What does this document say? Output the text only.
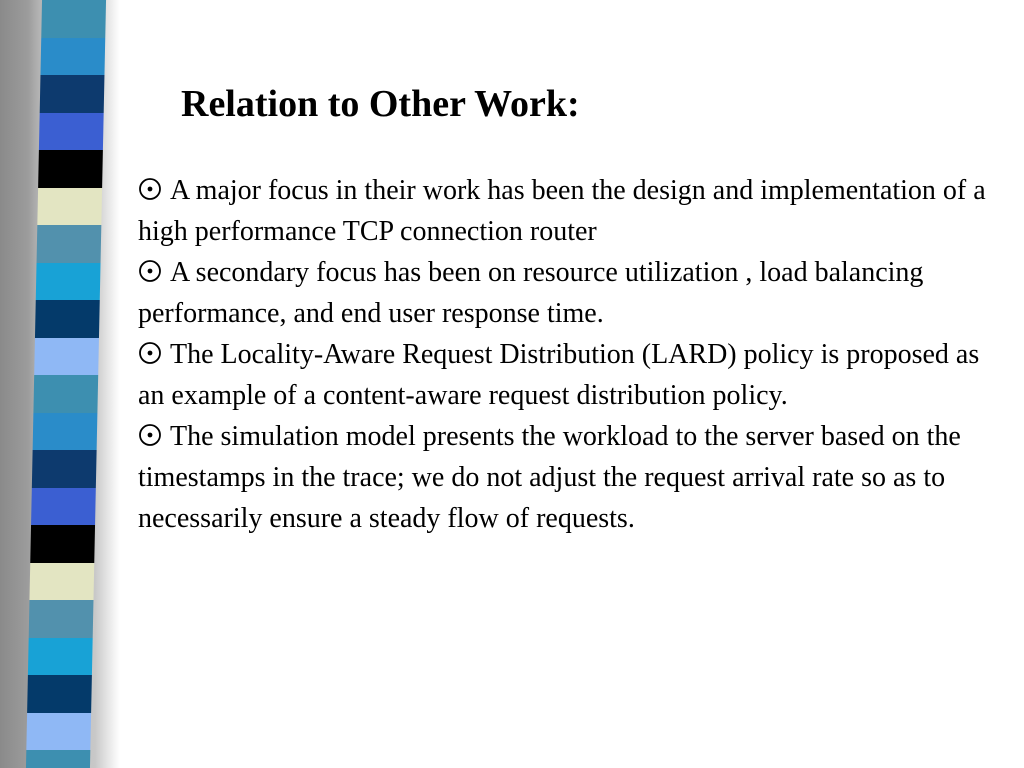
Relation to Other Work:

A major focus in their work has been the design and implementation of a high performance TCP connection router

A secondary focus has been on resource utilization , load balancing performance, and end user response time.

The Locality-Aware Request Distribution (LARD) policy is proposed as an example of a content-aware request distribution policy.

The simulation model presents the workload to the server based on the timestamps in the trace; we do not adjust the request arrival rate so as to necessarily ensure a steady flow of requests.
